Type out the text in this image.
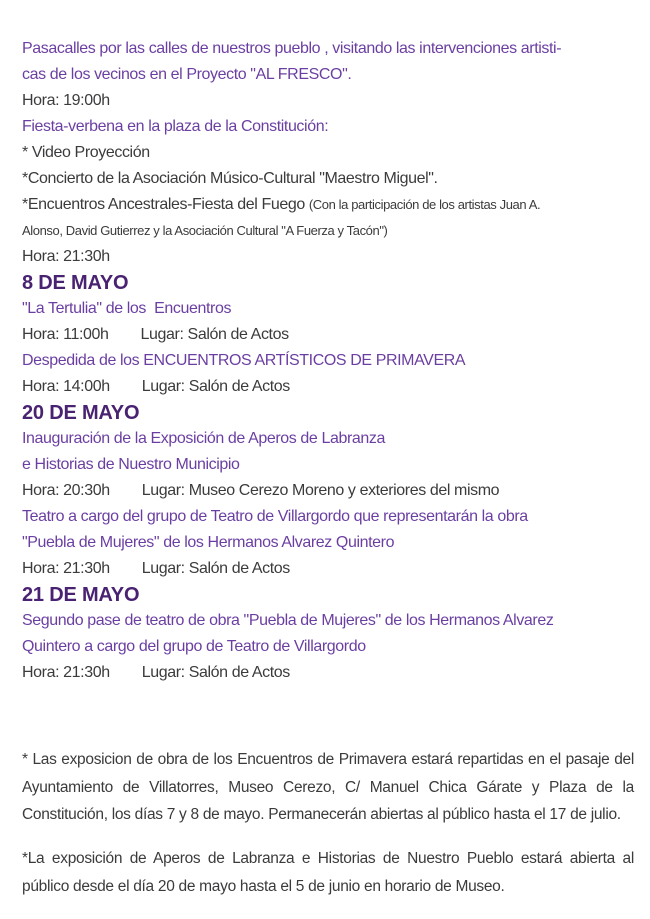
Pasacalles por las calles de nuestros pueblo , visitando las intervenciones artisti-
cas de los vecinos en el Proyecto "AL FRESCO".
Hora: 19:00h
Fiesta-verbena en la plaza de la Constitución:
* Video Proyección
*Concierto de la Asociación Músico-Cultural "Maestro Miguel".
*Encuentros Ancestrales-Fiesta del Fuego (Con la participación de los artistas Juan A.
Alonso, David Gutierrez y la Asociación Cultural "A Fuerza y Tacón")
Hora: 21:30h
8 DE MAYO
"La Tertulia" de los  Encuentros
Hora: 11:00h Lugar: Salón de Actos
Despedida de los ENCUENTROS ARTÍSTICOS DE PRIMAVERA
Hora: 14:00h Lugar: Salón de Actos
20 DE MAYO
Inauguración de la Exposición de Aperos de Labranza
e Historias de Nuestro Municipio
Hora: 20:30h Lugar: Museo Cerezo Moreno y exteriores del mismo
Teatro a cargo del grupo de Teatro de Villargordo que representarán la obra
"Puebla de Mujeres" de los Hermanos Alvarez Quintero
Hora: 21:30h Lugar: Salón de Actos
21 DE MAYO
Segundo pase de teatro de obra "Puebla de Mujeres" de los Hermanos Alvarez
Quintero a cargo del grupo de Teatro de Villargordo
Hora: 21:30h Lugar: Salón de Actos

* Las exposicion de obra de los Encuentros de Primavera estará repartidas en el pasaje del Ayuntamiento de Villatorres, Museo Cerezo, C/ Manuel Chica Gárate y Plaza de la Constitución, los días 7 y 8 de mayo. Permanecerán abiertas al público hasta el 17 de julio.

*La exposición de Aperos de Labranza e Historias de Nuestro Pueblo estará abierta al público desde el día 20 de mayo hasta el 5 de junio en horario de Museo.
